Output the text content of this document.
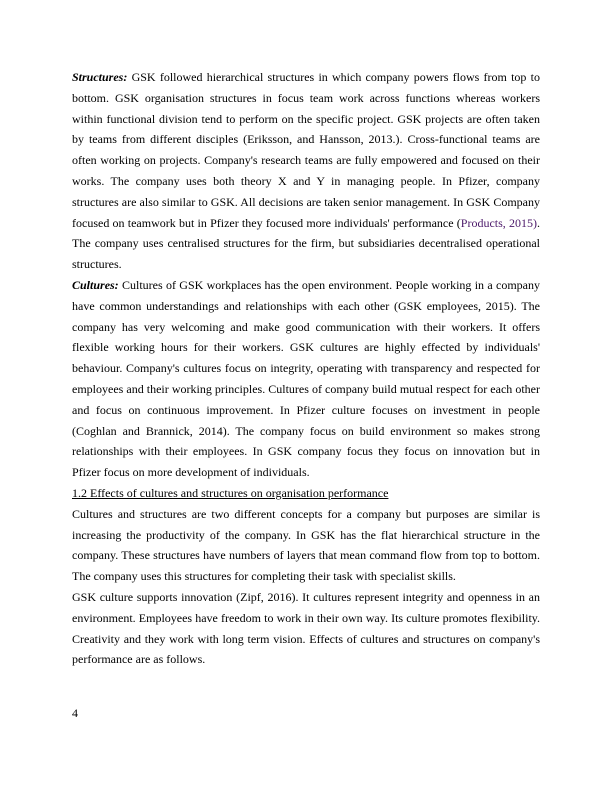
Structures: GSK followed hierarchical structures in which company powers flows from top to bottom. GSK organisation structures in focus team work across functions whereas workers within functional division tend to perform on the specific project. GSK projects are often taken by teams from different disciples (Eriksson, and Hansson, 2013.). Cross-functional teams are often working on projects. Company's research teams are fully empowered and focused on their works. The company uses both theory X and Y in managing people. In Pfizer, company structures are also similar to GSK. All decisions are taken senior management. In GSK Company focused on teamwork but in Pfizer they focused more individuals' performance (Products, 2015). The company uses centralised structures for the firm, but subsidiaries decentralised operational structures.

Cultures: Cultures of GSK workplaces has the open environment. People working in a company have common understandings and relationships with each other (GSK employees, 2015). The company has very welcoming and make good communication with their workers. It offers flexible working hours for their workers. GSK cultures are highly effected by individuals' behaviour. Company's cultures focus on integrity, operating with transparency and respected for employees and their working principles. Cultures of company build mutual respect for each other and focus on continuous improvement. In Pfizer culture focuses on investment in people (Coghlan and Brannick, 2014). The company focus on build environment so makes strong relationships with their employees. In GSK company focus they focus on innovation but in Pfizer focus on more development of individuals.

1.2 Effects of cultures and structures on organisation performance

Cultures and structures are two different concepts for a company but purposes are similar is increasing the productivity of the company. In GSK has the flat hierarchical structure in the company. These structures have numbers of layers that mean command flow from top to bottom. The company uses this structures for completing their task with specialist skills.

GSK culture supports innovation (Zipf, 2016). It cultures represent integrity and openness in an environment. Employees have freedom to work in their own way. Its culture promotes flexibility. Creativity and they work with long term vision. Effects of cultures and structures on company's performance are as follows.

4
